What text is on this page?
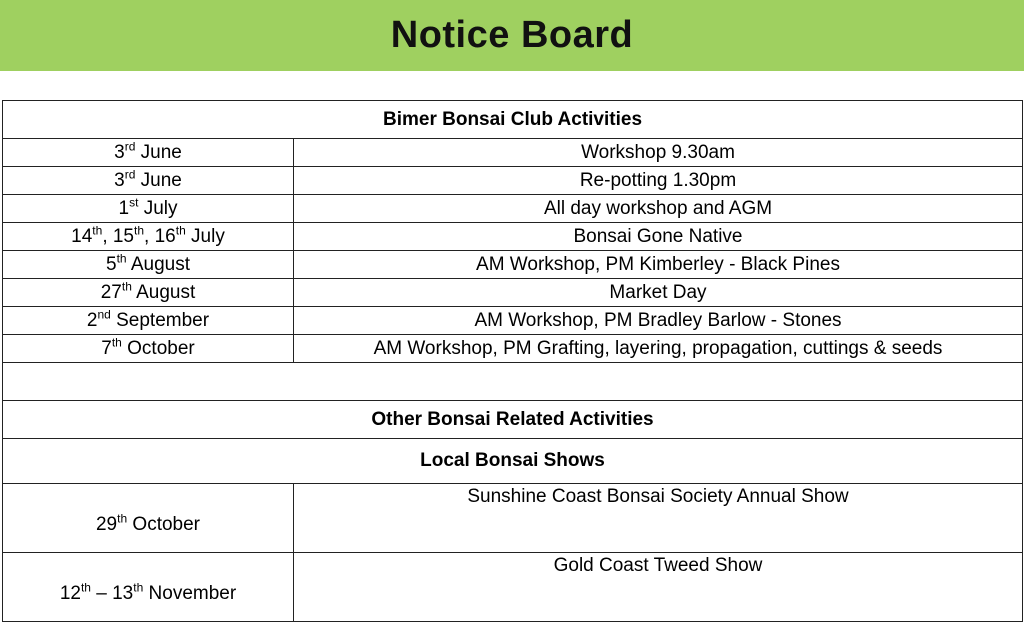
Notice Board
Bimer Bonsai Club Activities	
3rd June	Workshop 9.30am
3rd June	Re-potting 1.30pm
1st July	All day workshop and AGM
14th, 15th, 16th July	Bonsai Gone Native
5th August	AM Workshop, PM Kimberley - Black Pines
27th August	Market Day
2nd September	AM Workshop, PM Bradley Barlow - Stones
7th October	AM Workshop, PM Grafting, layering, propagation, cuttings & seeds

Other Bonsai Related Activities	
Local Bonsai Shows	
29th October	Sunshine Coast Bonsai Society Annual Show
12th – 13th November	Gold Coast Tweed Show
